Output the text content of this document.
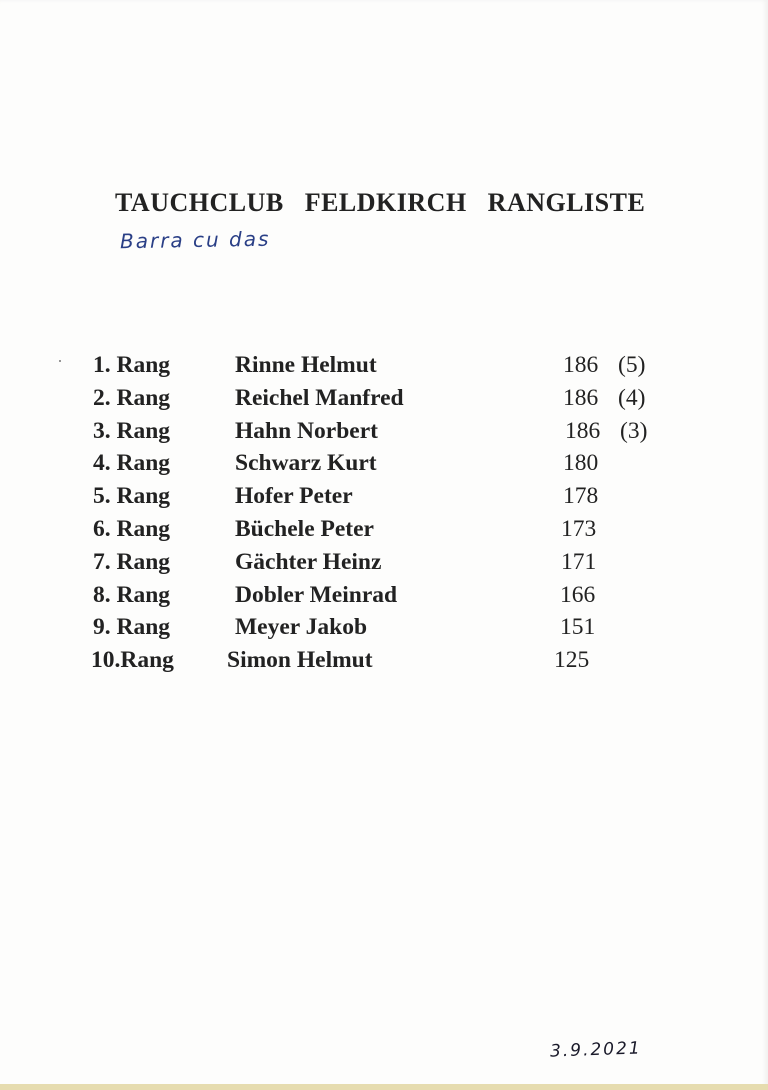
TAUCHCLUB   FELDKIRCH   RANGLISTE
Barra cu das
1. Rang	Rinne Helmut	186 (5)
2. Rang	Reichel Manfred	186 (4)
3. Rang	Hahn Norbert	186 (3)
4. Rang	Schwarz Kurt	180
5. Rang	Hofer Peter	178
6. Rang	Büchele Peter	173
7. Rang	Gächter Heinz	171
8. Rang	Dobler Meinrad	166
9. Rang	Meyer Jakob	151
10.Rang Simon Helmut	125
3.9.2021
